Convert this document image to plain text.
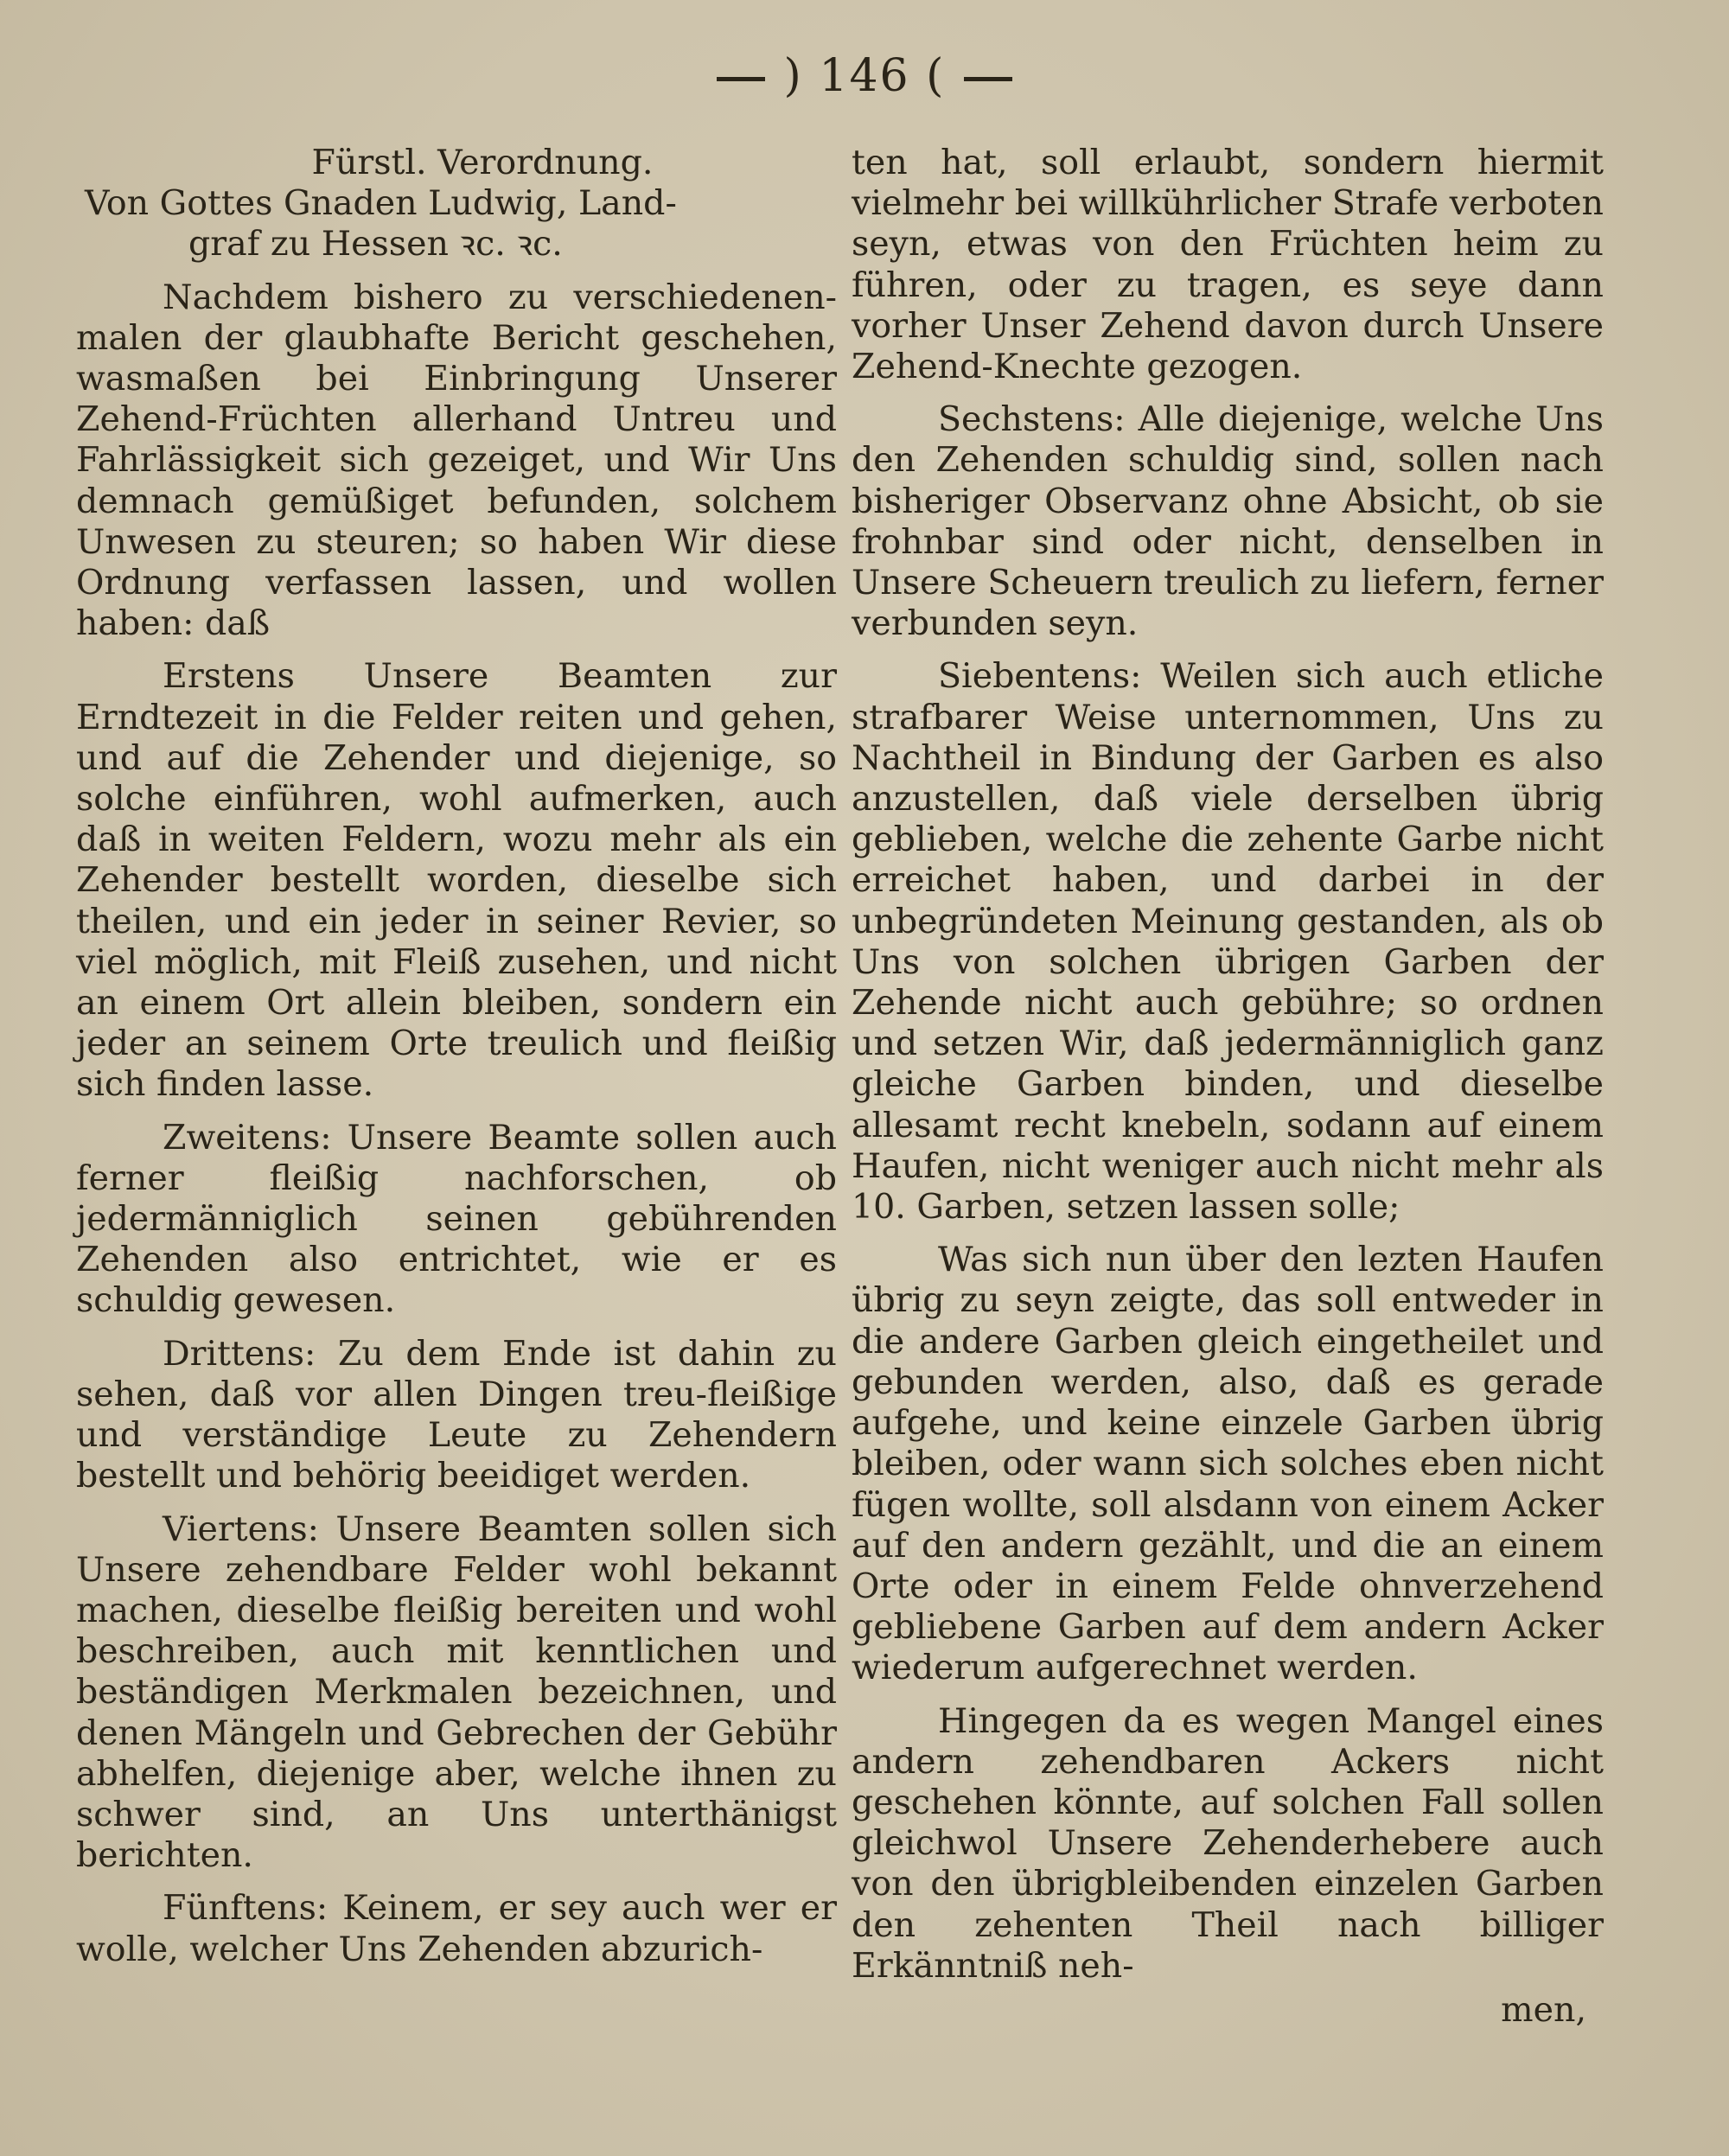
) 146 (

Fürstl. Verordnung.

Von Gottes Gnaden Ludwig, Land-

graf zu Hessen ꝛc. ꝛc.

Nachdem bishero zu verschiedenen-malen der glaubhafte Bericht geschehen, wasmaßen bei Einbringung Unserer Zehend-Früchten allerhand Untreu und Fahrlässigkeit sich gezeiget, und Wir Uns demnach gemüßiget befunden, solchem Unwesen zu steuren; so haben Wir diese Ordnung verfassen lassen, und wollen haben: daß

Erstens Unsere Beamten zur Erndtezeit in die Felder reiten und gehen, und auf die Zehender und diejenige, so solche einführen, wohl aufmerken, auch daß in weiten Feldern, wozu mehr als ein Zehender bestellt worden, dieselbe sich theilen, und ein jeder in seiner Revier, so viel möglich, mit Fleiß zusehen, und nicht an einem Ort allein bleiben, sondern ein jeder an seinem Orte treulich und fleißig sich finden lasse.

Zweitens: Unsere Beamte sollen auch ferner fleißig nachforschen, ob jedermänniglich seinen gebührenden Zehenden also entrichtet, wie er es schuldig gewesen.

Drittens: Zu dem Ende ist dahin zu sehen, daß vor allen Dingen treu-fleißige und verständige Leute zu Zehendern bestellt und behörig beeidiget werden.

Viertens: Unsere Beamten sollen sich Unsere zehendbare Felder wohl bekannt machen, dieselbe fleißig bereiten und wohl beschreiben, auch mit kenntlichen und beständigen Merkmalen bezeichnen, und denen Mängeln und Gebrechen der Gebühr abhelfen, diejenige aber, welche ihnen zu schwer sind, an Uns unterthänigst berichten.

Fünftens: Keinem, er sey auch wer er wolle, welcher Uns Zehenden abzurich-

ten hat, soll erlaubt, sondern hiermit vielmehr bei willkührlicher Strafe verboten seyn, etwas von den Früchten heim zu führen, oder zu tragen, es seye dann vorher Unser Zehend davon durch Unsere Zehend-Knechte gezogen.

Sechstens: Alle diejenige, welche Uns den Zehenden schuldig sind, sollen nach bisheriger Observanz ohne Absicht, ob sie frohnbar sind oder nicht, denselben in Unsere Scheuern treulich zu liefern, ferner verbunden seyn.

Siebentens: Weilen sich auch etliche strafbarer Weise unternommen, Uns zu Nachtheil in Bindung der Garben es also anzustellen, daß viele derselben übrig geblieben, welche die zehente Garbe nicht erreichet haben, und darbei in der unbegründeten Meinung gestanden, als ob Uns von solchen übrigen Garben der Zehende nicht auch gebühre; so ordnen und setzen Wir, daß jedermänniglich ganz gleiche Garben binden, und dieselbe allesamt recht knebeln, sodann auf einem Haufen, nicht weniger auch nicht mehr als 10. Garben, setzen lassen solle;

Was sich nun über den lezten Haufen übrig zu seyn zeigte, das soll entweder in die andere Garben gleich eingetheilet und gebunden werden, also, daß es gerade aufgehe, und keine einzele Garben übrig bleiben, oder wann sich solches eben nicht fügen wollte, soll alsdann von einem Acker auf den andern gezählt, und die an einem Orte oder in einem Felde ohnverzehend gebliebene Garben auf dem andern Acker wiederum aufgerechnet werden.

Hingegen da es wegen Mangel eines andern zehendbaren Ackers nicht geschehen könnte, auf solchen Fall sollen gleichwol Unsere Zehenderhebere auch von den übrigbleibenden einzelen Garben den zehenten Theil nach billiger Erkänntniß neh-

men,
